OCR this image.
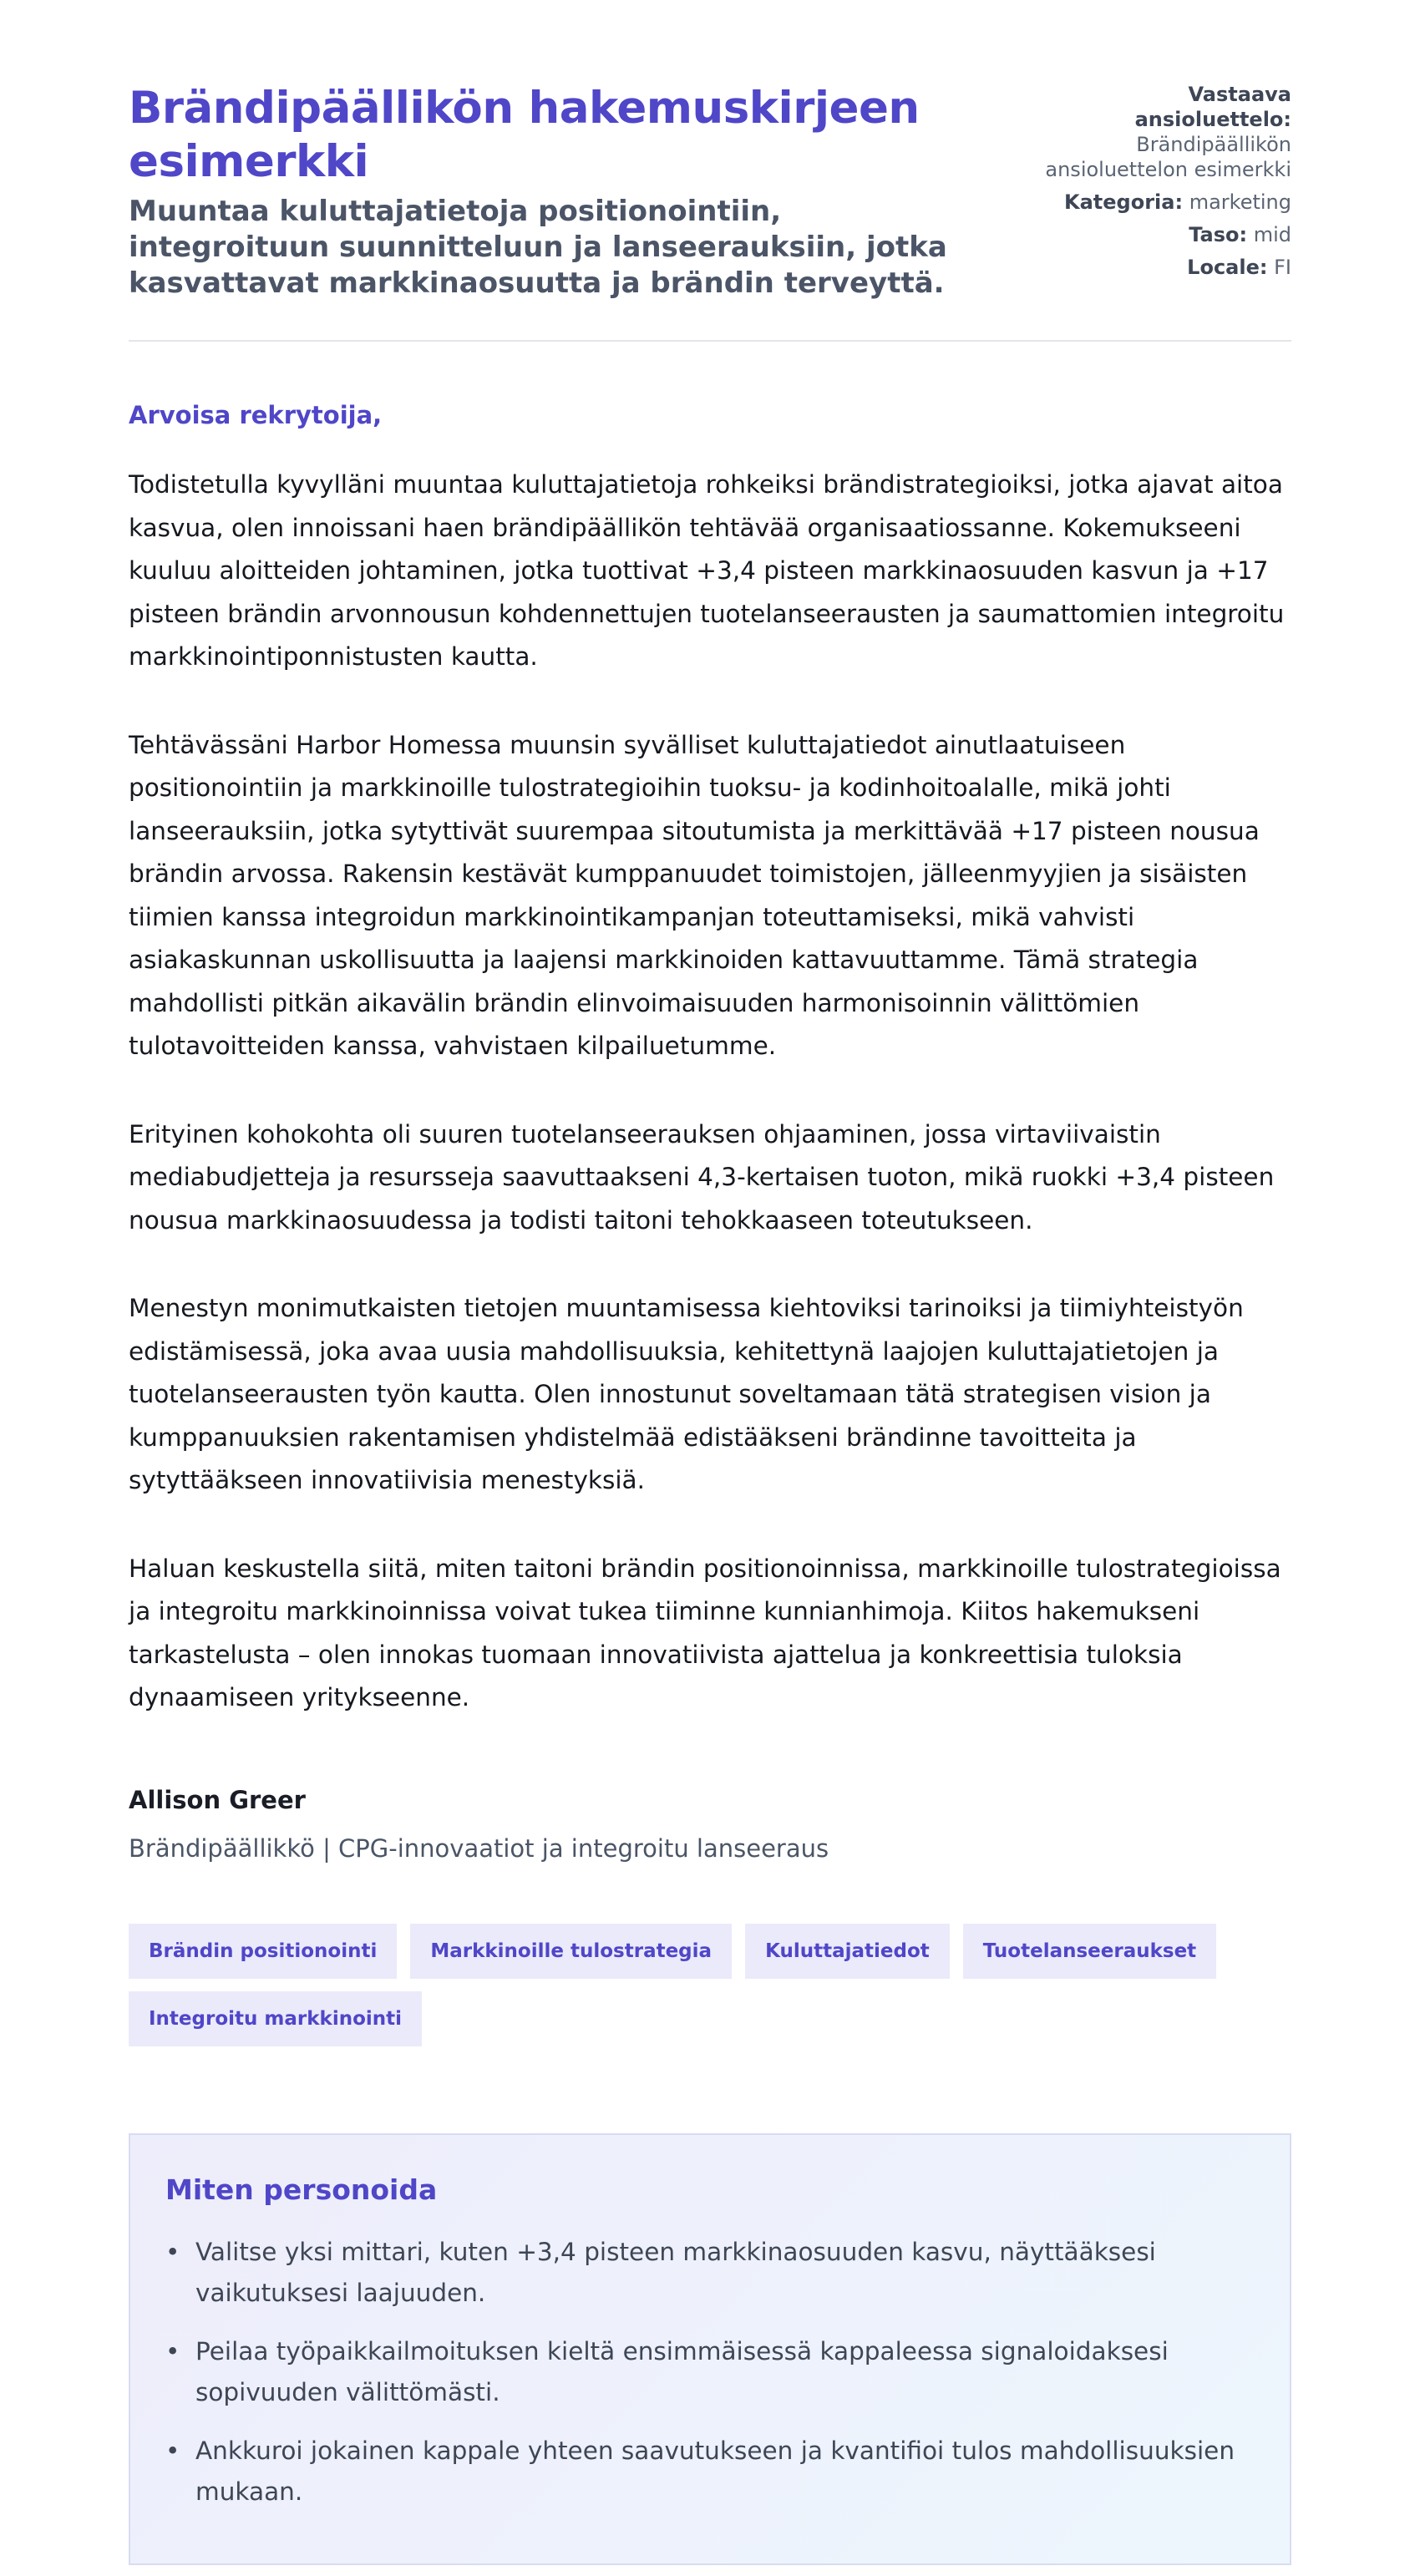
Brändipäällikön hakemuskirjeen esimerkki
Muuntaa kuluttajatietoja positionointiin, integroituun suunnitteluun ja lanseerauksiin, jotka kasvattavat markkinaosuutta ja brändin terveyttä.
Vastaava ansioluettelo: Brändipäällikön ansioluettelon esimerkki
Kategoria: marketing
Taso: mid
Locale: FI

Arvoisa rekrytoija,

Todistetulla kyvylläni muuntaa kuluttajatietoja rohkeiksi brändistrategioiksi, jotka ajavat aitoa kasvua, olen innoissani haen brändipäällikön tehtävää organisaatiossanne. Kokemukseeni kuuluu aloitteiden johtaminen, jotka tuottivat +3,4 pisteen markkinaosuuden kasvun ja +17 pisteen brändin arvonnousun kohdennettujen tuotelanseerausten ja saumattomien integroitu markkinointiponnistusten kautta.

Tehtävässäni Harbor Homessa muunsin syvälliset kuluttajatiedot ainutlaatuiseen positionointiin ja markkinoille tulostrategioihin tuoksu- ja kodinhoitoalalle, mikä johti lanseerauksiin, jotka sytyttivät suurempaa sitoutumista ja merkittävää +17 pisteen nousua brändin arvossa. Rakensin kestävät kumppanuudet toimistojen, jälleenmyyjien ja sisäisten tiimien kanssa integroidun markkinointikampanjan toteuttamiseksi, mikä vahvisti asiakaskunnan uskollisuutta ja laajensi markkinoiden kattavuuttamme. Tämä strategia mahdollisti pitkän aikavälin brändin elinvoimaisuuden harmonisoinnin välittömien tulotavoitteiden kanssa, vahvistaen kilpailuetumme.

Erityinen kohokohta oli suuren tuotelanseerauksen ohjaaminen, jossa virtaviivaistin mediabudjetteja ja resursseja saavuttaakseni 4,3-kertaisen tuoton, mikä ruokki +3,4 pisteen nousua markkinaosuudessa ja todisti taitoni tehokkaaseen toteutukseen.

Menestyn monimutkaisten tietojen muuntamisessa kiehtoviksi tarinoiksi ja tiimiyhteistyön edistämisessä, joka avaa uusia mahdollisuuksia, kehitettynä laajojen kuluttajatietojen ja tuotelanseerausten työn kautta. Olen innostunut soveltamaan tätä strategisen vision ja kumppanuuksien rakentamisen yhdistelmää edistääkseni brändinne tavoitteita ja sytyttääkseen innovatiivisia menestyksiä.

Haluan keskustella siitä, miten taitoni brändin positionoinnissa, markkinoille tulostrategioissa ja integroitu markkinoinnissa voivat tukea tiiminne kunnianhimoja. Kiitos hakemukseni tarkastelusta – olen innokas tuomaan innovatiivista ajattelua ja konkreettisia tuloksia dynaamiseen yritykseenne.

Allison Greer

Brändipäällikkö | CPG-innovaatiot ja integroitu lanseeraus

Brändin positionointi	Markkinoille tulostrategia	Kuluttajatiedot	Tuotelanseeraukset
Integroitu markkinointi
Miten personoida
• Valitse yksi mittari, kuten +3,4 pisteen markkinaosuuden kasvu, näyttääksesi vaikutuksesi laajuuden.
• Peilaa työpaikkailmoituksen kieltä ensimmäisessä kappaleessa signaloidaksesi sopivuuden välittömästi.
• Ankkuroi jokainen kappale yhteen saavutukseen ja kvantifioi tulos mahdollisuuksien mukaan.
